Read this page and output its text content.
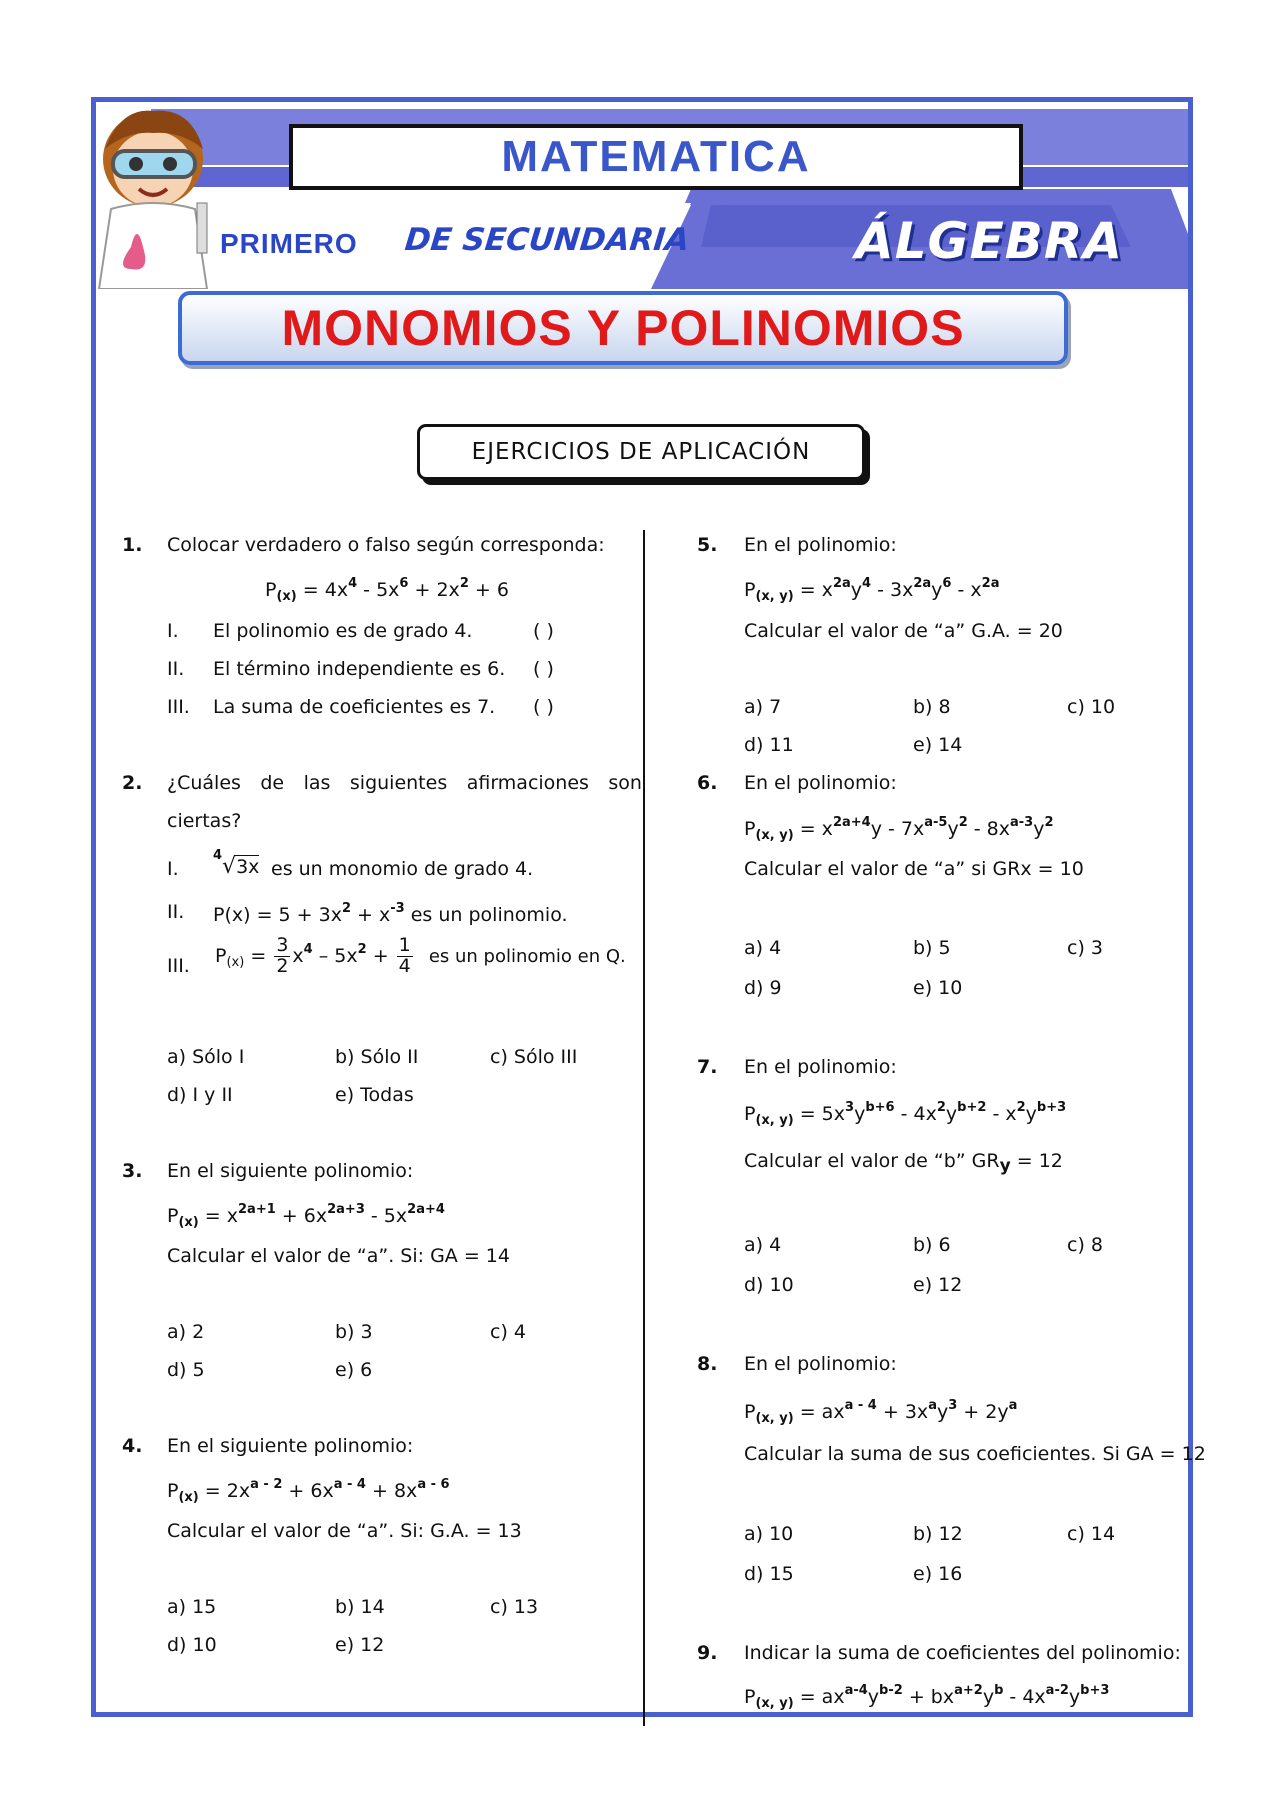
MATEMATICA
PRIMERO DE SECUNDARIA	ÁLGEBRA
MONOMIOS Y POLINOMIOS
EJERCICIOS DE APLICACIÓN
1. Colocar verdadero o falso según corresponda:
$P_{(x)} = 4x^4 - 5x^6 + 2x^2 + 6$
I. El polinomio es de grado 4.	( )
II. El término independiente es 6. ( )
III. La suma de coeficientes es 7. ( )
2. ¿Cuáles de las siguientes afirmaciones son
ciertas?
I.
$^4$√3x es un monomio de grado 4.
II. $P(x) = 5 + 3x^2 + x^{-3}$ es un polinomio.
III. $P_{(x)} = \frac{3}{2} x^4 - 5x^2 + \frac{1}{4}$ es un polinomio en Q.
a) Sólo I	b) Sólo II	c) Sólo III
d) I y II	e) Todas
3. En el siguiente polinomio:
$P_{(x)} = x^{2a+1} + 6x^{2a+3} - 5x^{2a+4}$
Calcular el valor de “a”. Si: GA = 14
a) 2	b) 3	c) 4
d) 5	e) 6
4. En el siguiente polinomio:
$P_{(x)} = 2x^{a - 2} + 6x^{a - 4} + 8x^{a - 6}$
Calcular el valor de “a”. Si: G.A. = 13
a) 15	b) 14	c) 13
d) 10	e) 12
5. En el polinomio:
$P_{(x, y)} = x^{2a}y^4 - 3x^{2a}y^6 - x^{2a}$
Calcular el valor de “a” G.A. = 20
a) 7	b) 8	c) 10
d) 11	e) 14
6. En el polinomio:
$P_{(x, y)} = x^{2a+4}y - 7x^{a-5}y^2 - 8x^{a-3}y^2$
Calcular el valor de “a” si GRx = 10
a) 4	b) 5	c) 3
d) 9	e) 10
7. En el polinomio:
$P_{(x, y)} = 5x^3y^{b+6} - 4x^2y^{b+2} - x^2y^{b+3}$
Calcular el valor de “b” GRy = 12
a) 4	b) 6	c) 8
d) 10	e) 12
8. En el polinomio:
$P_{(x, y)} = ax^{a - 4} + 3x^ay^3 + 2y^a$
Calcular la suma de sus coeficientes. Si GA = 12
a) 10	b) 12	c) 14
d) 15	e) 16
9. Indicar la suma de coeficientes del polinomio:
$P_{(x, y)} = ax^{a-4}y^{b-2} + bx^{a+2}y^b - 4x^{a-2}y^{b+3}$
